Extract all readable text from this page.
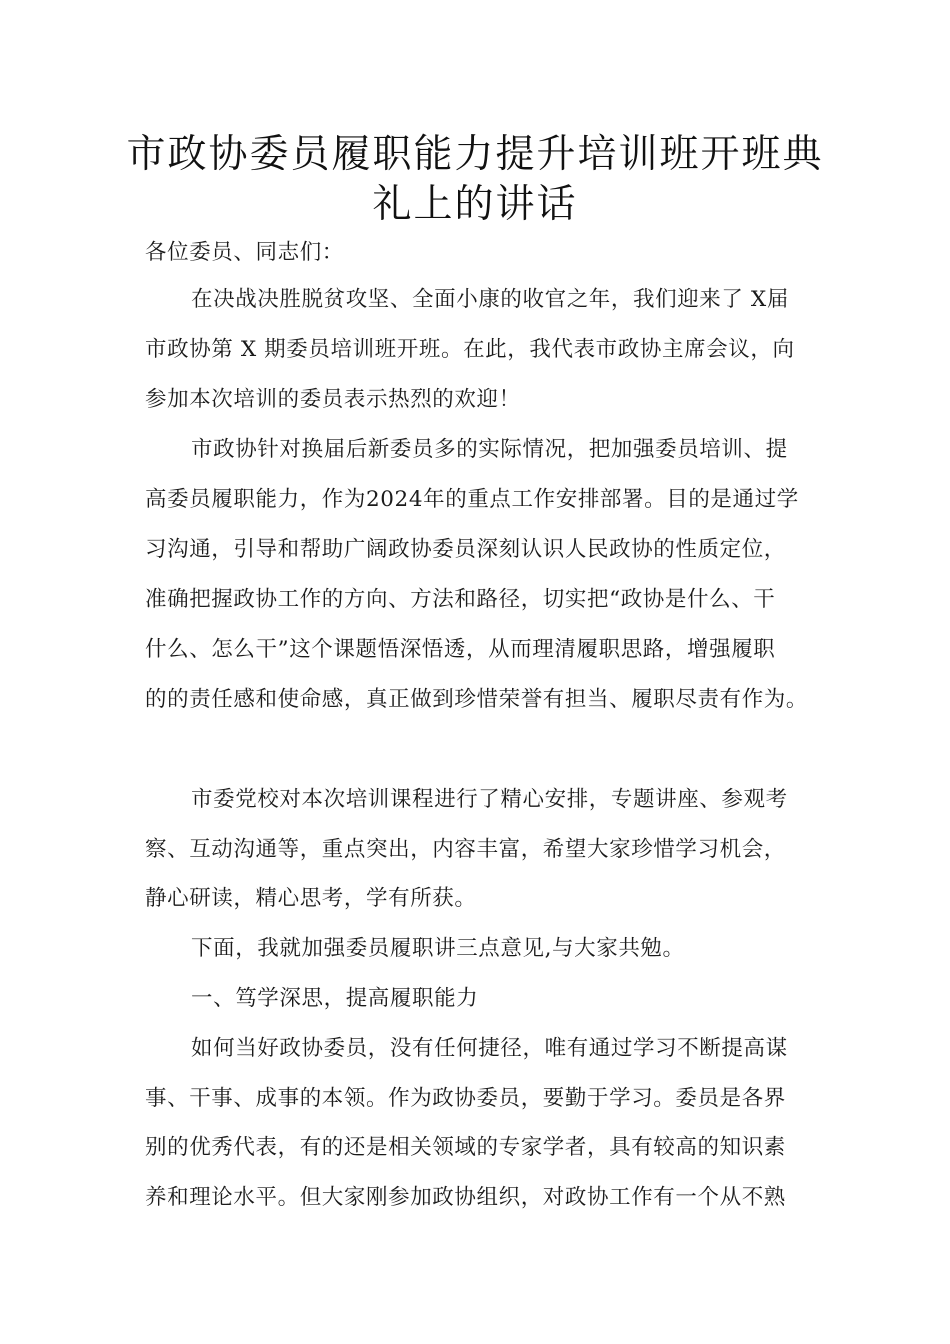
市政协委员履职能力提升培训班开班典
礼上的讲话
各位委员、同志们：
在决战决胜脱贫攻坚、全面小康的收官之年，我们迎来了 X届
市政协第 X 期委员培训班开班。在此，我代表市政协主席会议，向
参加本次培训的委员表示热烈的欢迎！
市政协针对换届后新委员多的实际情况，把加强委员培训、提
高委员履职能力，作为2024年的重点工作安排部署。目的是通过学
习沟通，引导和帮助广阔政协委员深刻认识人民政协的性质定位，
准确把握政协工作的方向、方法和路径，切实把“政协是什么、干
什么、怎么干”这个课题悟深悟透，从而理清履职思路，增强履职
的的责任感和使命感，真正做到珍惜荣誉有担当、履职尽责有作为。
市委党校对本次培训课程进行了精心安排，专题讲座、参观考
察、互动沟通等，重点突出，内容丰富，希望大家珍惜学习机会，
静心研读，精心思考，学有所获。
下面，我就加强委员履职讲三点意见,与大家共勉。
一、笃学深思，提高履职能力
如何当好政协委员，没有任何捷径，唯有通过学习不断提高谋
事、干事、成事的本领。作为政协委员，要勤于学习。委员是各界
别的优秀代表，有的还是相关领域的专家学者，具有较高的知识素
养和理论水平。但大家刚参加政协组织，对政协工作有一个从不熟
